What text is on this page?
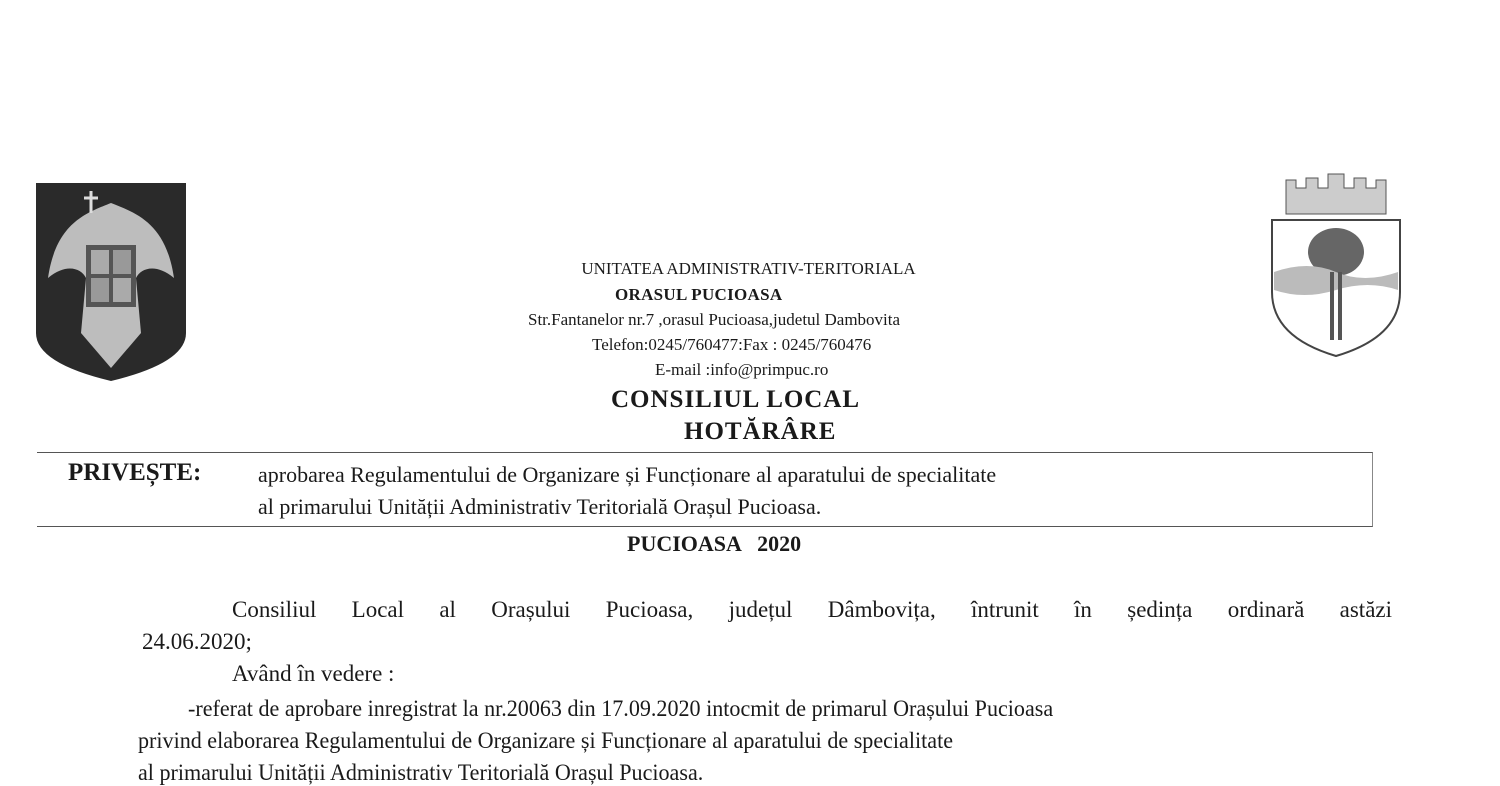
UNITATEA ADMINISTRATIV-TERITORIALA
ORASUL PUCIOASA
Str.Fantanelor nr.7 ,orasul Pucioasa,judetul Dambovita
Telefon:0245/760477:Fax : 0245/760476
E-mail :info@primpuc.ro
CONSILIUL LOCAL
HOTĂRÂRE
PRIVEȘTE:	aprobarea Regulamentului de Organizare și Funcționare al aparatului de specialitate
al primarului Unității Administrativ Teritorială Orașul Pucioasa.
PUCIOASA   2020
Consiliul Local al Orașului Pucioasa, județul Dâmbovița, întrunit în ședința ordinară astăzi
24.06.2020;
Având în vedere :
-referat de aprobare inregistrat la nr.20063 din 17.09.2020 intocmit de primarul Orașului Pucioasa
privind elaborarea Regulamentului de Organizare și Funcționare al aparatului de specialitate
al primarului Unității Administrativ Teritorială Orașul Pucioasa.
